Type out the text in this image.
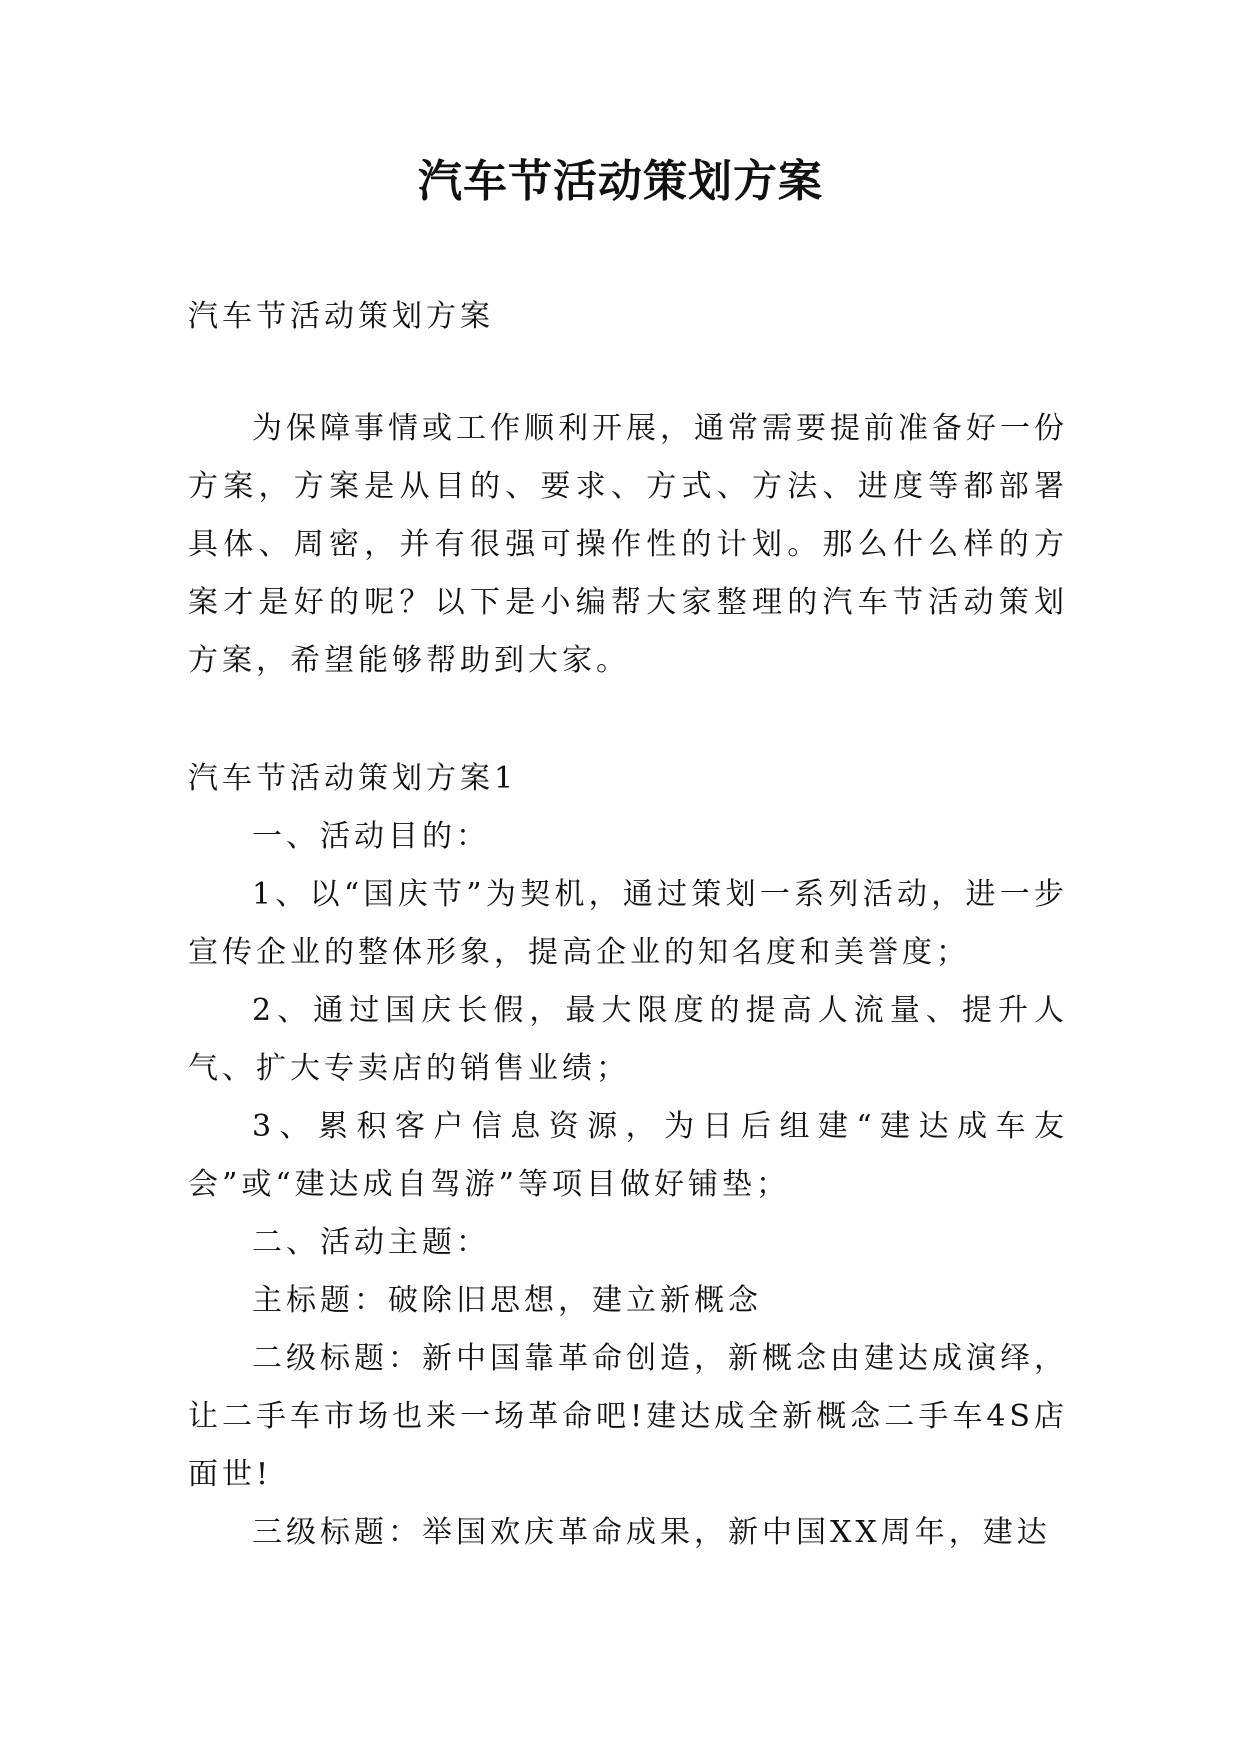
汽车节活动策划方案

汽车节活动策划方案

为保障事情或工作顺利开展，通常需要提前准备好一份方案，方案是从目的、要求、方式、方法、进度等都部署具体、周密，并有很强可操作性的计划。那么什么样的方案才是好的呢？以下是小编帮大家整理的汽车节活动策划方案，希望能够帮助到大家。

汽车节活动策划方案1

一、活动目的：

1、以“国庆节”为契机，通过策划一系列活动，进一步宣传企业的整体形象，提高企业的知名度和美誉度；

2、通过国庆长假，最大限度的提高人流量、提升人气、扩大专卖店的销售业绩；

3、累积客户信息资源，为日后组建“建达成车友会”或“建达成自驾游”等项目做好铺垫；

二、活动主题：

主标题：破除旧思想，建立新概念

二级标题：新中国靠革命创造，新概念由建达成演绎，让二手车市场也来一场革命吧!建达成全新概念二手车4S店面世!

三级标题：举国欢庆革命成果，新中国XX周年，建达
